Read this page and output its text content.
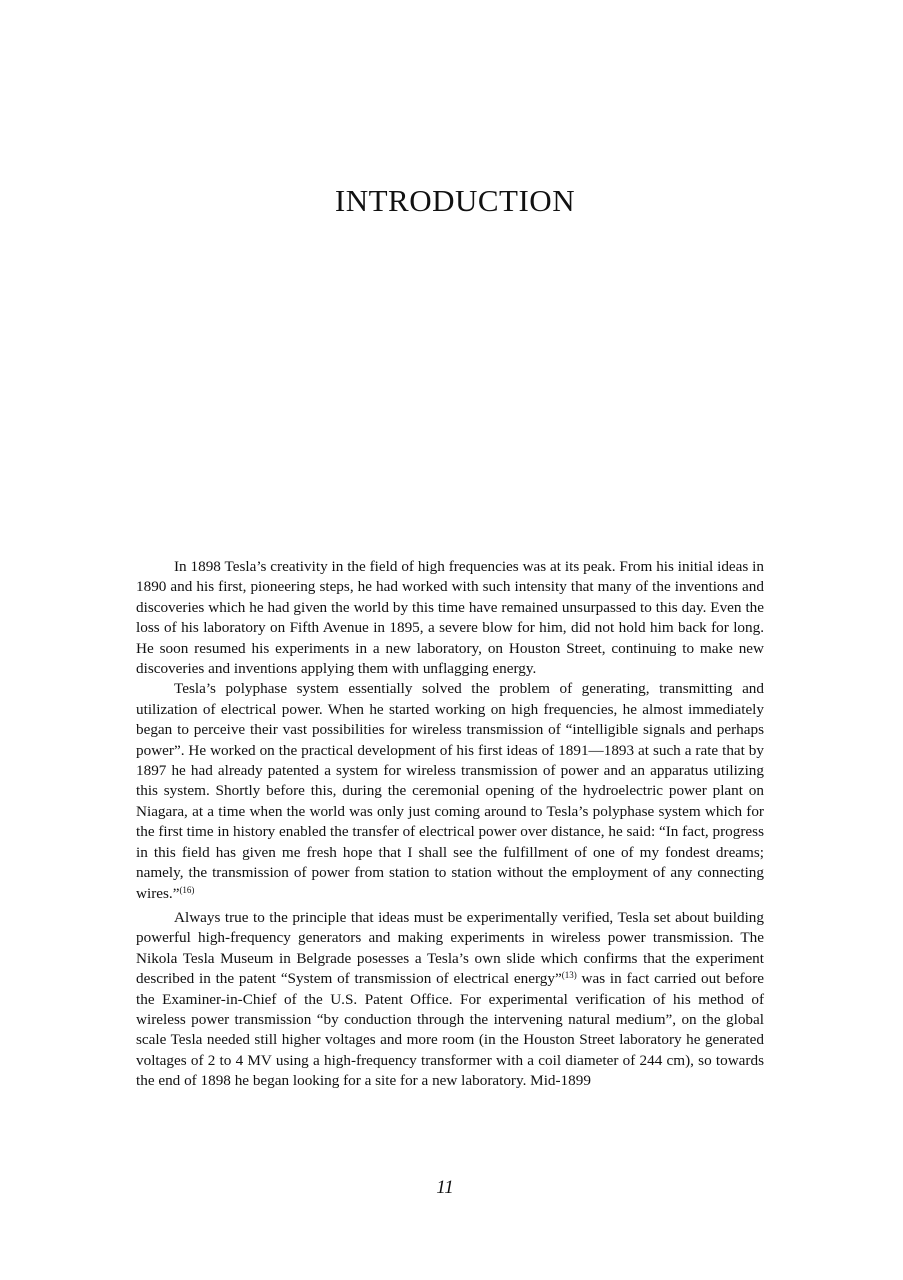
INTRODUCTION

In 1898 Tesla’s creativity in the field of high frequencies was at its peak. From his initial ideas in 1890 and his first, pioneering steps, he had worked with such intensity that many of the inventions and discoveries which he had given the world by this time have remained unsurpassed to this day. Even the loss of his laboratory on Fifth Avenue in 1895, a severe blow for him, did not hold him back for long. He soon resumed his experiments in a new laboratory, on Houston Street, continuing to make new discoveries and inventions applying them with unflagging energy.

Tesla’s polyphase system essentially solved the problem of generating, transmitting and utilization of electrical power. When he started working on high frequencies, he almost immediately began to perceive their vast possibilities for wireless transmission of “intelligible signals and perhaps power”. He worked on the practical development of his first ideas of 1891—1893 at such a rate that by 1897 he had already patented a system for wireless transmission of power and an apparatus utilizing this system. Shortly before this, during the ceremonial opening of the hydroelectric power plant on Niagara, at a time when the world was only just coming around to Tesla’s polyphase system which for the first time in history enabled the transfer of electrical power over distance, he said: “In fact, progress in this field has given me fresh hope that I shall see the fulfillment of one of my fondest dreams; namely, the transmission of power from station to station without the employment of any connecting wires.”$^{(16)}$

Always true to the principle that ideas must be experimentally verified, Tesla set about building powerful high-frequency generators and making experiments in wireless power transmission. The Nikola Tesla Museum in Belgrade posesses a Tesla’s own slide which confirms that the experiment described in the patent “System of transmission of electrical energy”$^{(13)}$ was in fact carried out before the Examiner-in-Chief of the U.S. Patent Office. For experimental verification of his method of wireless power transmission “by conduction through the intervening natural medium”, on the global scale Tesla needed still higher voltages and more room (in the Houston Street laboratory he generated voltages of 2 to 4 MV using a high-frequency transformer with a coil diameter of 244 cm), so towards the end of 1898 he began looking for a site for a new laboratory. Mid-1899

11
